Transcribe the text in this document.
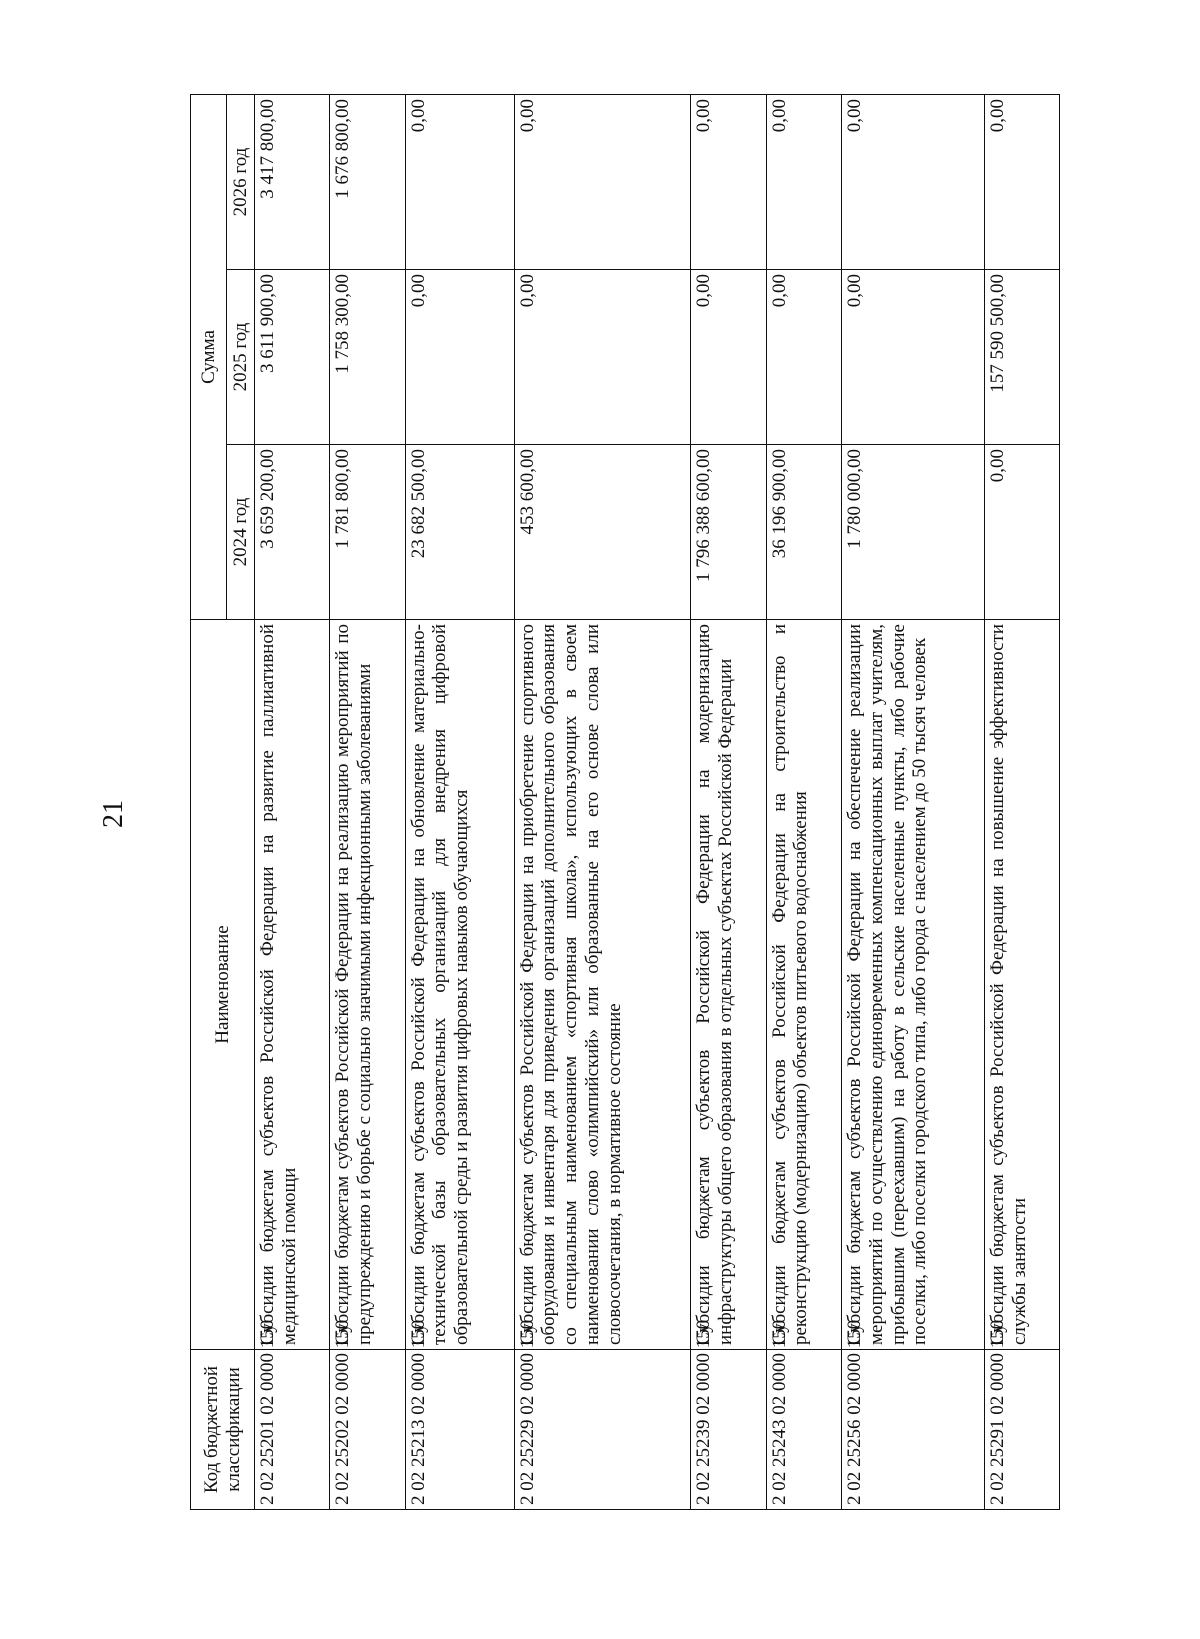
21
Код бюджетной классификации	Наименование	Сумма		
		2024 год	2025 год	2026 год
2 02 25201 02 0000 150	Субсидии бюджетам субъектов Российской Федерации на развитие паллиативной медицинской помощи	3 659 200,00	3 611 900,00	3 417 800,00
2 02 25202 02 0000 150	Субсидии бюджетам субъектов Российской Федерации на реализацию мероприятий по предупреждению и борьбе с социально значимыми инфекционными заболеваниями	1 781 800,00	1 758 300,00	1 676 800,00
2 02 25213 02 0000 150	Субсидии бюджетам субъектов Российской Федерации на обновление материально-технической базы образовательных организаций для внедрения цифровой образовательной среды и развития цифровых навыков обучающихся	23 682 500,00	0,00	0,00
2 02 25229 02 0000 150	Субсидии бюджетам субъектов Российской Федерации на приобретение спортивного оборудования и инвентаря для приведения организаций дополнительного образования со специальным наименованием «спортивная школа», использующих в своем наименовании слово «олимпийский» или образованные на его основе слова или словосочетания, в нормативное состояние	453 600,00	0,00	0,00
2 02 25239 02 0000 150	Субсидии бюджетам субъектов Российской Федерации на модернизацию инфраструктуры общего образования в отдельных субъектах Российской Федерации	1 796 388 600,00	0,00	0,00
2 02 25243 02 0000 150	Субсидии бюджетам субъектов Российской Федерации на строительство и реконструкцию (модернизацию) объектов питьевого водоснабжения	36 196 900,00	0,00	0,00
2 02 25256 02 0000 150	Субсидии бюджетам субъектов Российской Федерации на обеспечение реализации мероприятий по осуществлению единовременных компенсационных выплат учителям, прибывшим (переехавшим) на работу в сельские населенные пункты, либо рабочие поселки, либо поселки городского типа, либо города с населением до 50 тысяч человек	1 780 000,00	0,00	0,00
2 02 25291 02 0000 150	Субсидии бюджетам субъектов Российской Федерации на повышение эффективности службы занятости	0,00	157 590 500,00	0,00
